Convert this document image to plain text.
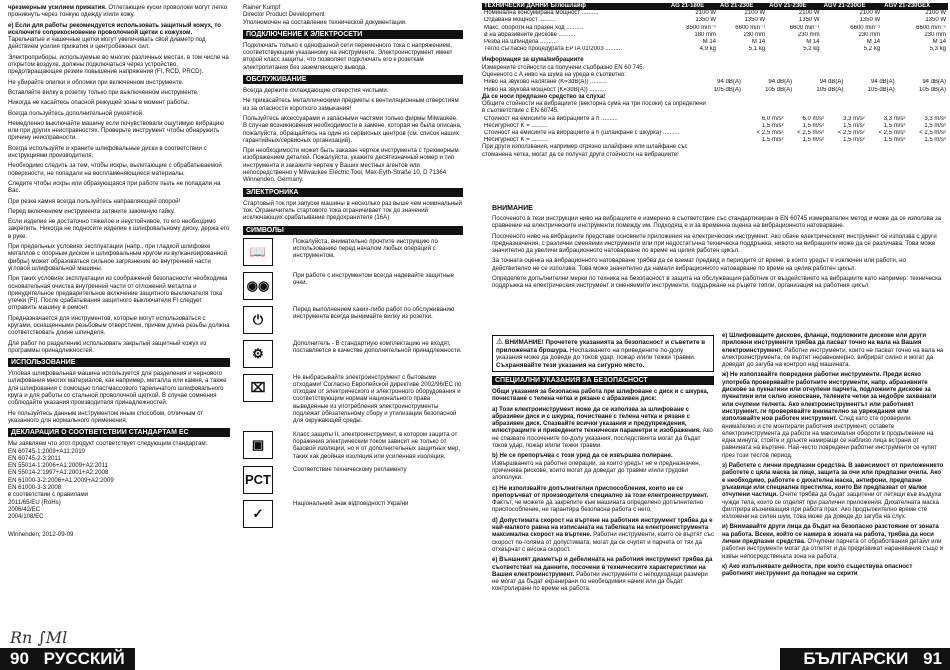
чрезмерным усилием прижатия. Отлетающие куски проволоки могут легко проникнуть через тонкую одежду и/или кожу.

e) Если для работы рекомендуется использовать защитный кожух, то исключите соприкосновение проволочной щетки с кожухом. Тарельчатые и чашечные щетки могут увеличивать свой диаметр под действием усилия прижатия и центробежных сил.

Электроприборы, используемые во многих различных местах, в том числе на открытом воздухе, должны подключаться через устройство, предотвращающее резкие повышение напряжения (FI, RCD, PRCD).

Не убирайте опилки и обломки при включенном инструменте.

Вставляйте вилку в розетку только при выключенном инструменте.

Никогда не касайтесь опасной режущей зоны в момент работы.

Всегда пользуйтесь дополнительной рукояткой.

Немедленно выключайте машину если почувствовали ощутимую вибрацию или при других неисправностях. Проверьте инструмент чтобы обнаружить причину неисправности.

Всегда используйте и храните шлифовальные диски в соответствии с инструкциями производителя.

Необходимо следить за тем, чтобы искры, вылетающие с обрабатываемой поверхности, не попадали на воспламеняющиеся материалы.

Следите чтобы искры или образующаяся при работе пыль не попадали на Вас.

При резке камня всегда пользуйтесь направляющей опорой!

Перед включением инструмента затяните зажимную гайку.

Если изделие не достаточно тяжелое и неустойчивое, то его необходимо закрепить. Никогда не подносите изделие к шлифовальному диску, держа его в руке.

При предельных условиях эксплуатации (напр., при гладкой шлифовке металлов с опорным диском и шлифовальным кругом из вулканизированной фибры) может образоваться сильное загрязнение во внутренней части угловой шлифовальной машины.

При таких условиях эксплуатации из соображений безопасности необходима основательная очистка внутренней части от отложений металла и принудительное предварительное включение защитного выключателя тока утечки (FI). После срабатывания защитного выключателя FI следует отправить машину в ремонт.

Предназначается для инструментов, которые могут использоваться с кругами, оснащенными резьбовым отверстием, причем длина резьбы должна соответствовать длине шпинделя.

Для работ по разделению использовать закрытый защитный кожух из программы принадлежностей.

ИСПОЛЬЗОВАНИЕ

Угловая шлифовальная машина используется для разделения и чернового шлифования многих материалов, как например, металла или камня, а также для шлифования с помощью пластмассового тарельчатого шлифовального круга и для работы со стальной проволочной щеткой. В случае сомнения соблюдайте указания производителя принадлежностей.

Не пользуйтесь данным инструментом иным способом, отличным от указанного для нормального применения.

ДЕКЛАРАЦИЯ О СООТВЕТСТВИИ СТАНДАРТАМ ЕС

Мы заявляем что этот продукт соответствует следующим стандартам:
EN 60745-1:2009+A11:2010
EN 60745-2-3:2011
EN 55014-1:2006+A1:2009+A2:2011
EN 55014-2:1997+A1:2001+A2:2008
EN 61000-3-2:2006+A1:2009+A2:2009
EN 61000-3-3:2008
в соответствии с правилами
2011/65/EU (RoHs)
2006/42/EC
2004/108/EC

Winnenden, 2012-09-09

Rainer Kumpf
Director Product Development
Уполномочен на составление технической документации.

ПОДКЛЮЧЕНИЕ К ЭЛЕКТРОСЕТИ

Подключать только к однофазной сети переменного тока с напряжением, соответствующим указанному на инструменте. Электроинструмент имеет второй класс защиты, что позволяет подключать его к розеткам электропитания без заземляющего вывода.

ОБСЛУЖИВАНИЕ

Всегда держите охлаждающие отверстия чистыми.

Не прикасайтесь металлическими предметы к вентиляционным отверстиям из за опасности короткого замыкания!

Пользуйтесь аксессуарами и запасными частями только фирмы Milwaukee. В случае возникновения необходимости в замене, которая не была описана, пожалуйста, обращайтесь на один из сервисных центров (см. список наших гарантийных/сервисных организаций).

При необходимости может быть заказан чертеж инструмента с трехмерным изображением деталей. Пожалуйста, укажите десятизначный номер и тип инструмента и закажите чертеж у Ваших местных агентов или непосредственно у Milwaukee Electric Tool, Max-Eyth-Straße 10, D 71364 Winnenden, Germany.

ЭЛЕКТРОНИКА

Стартовый ток при запуске машины в несколько раз выше чем номинальный ток. Ограничитель стартового тока ограничивает ток до значений исключающих срабатывание предохранителя (16А)

СИМВОЛЫ
📖
Пожалуйста, внимательно прочтите инструкцию по использованию перед началом любых операций с инструментом.
◉◉
При работе с инструментом всегда надевайте защитные очки.
⏻
Перед выполнением каких-либо работ по обслуживанию инструмента всегда вынимайте вилку из розетки.
⚙
Дополнитель - В стандартную комплектацию не входят, поставляется в качестве дополнительной принадлежности.
⌧
Не выбрасывайте электроинструмент с бытовыми отходами! Согласно Европейской директиве 2002/96/ЕС по отходам от электрического и электронного оборудования и соответствующим нормам национального права выведенные из употребления электроинструменты подлежат обязательному сбору и утилизации безопасной для окружающей среды.
▣
Класс защиты II, электроинструмент, в котором защита от поражения электрическим током зависит не только от базовой изоляции, но и от дополнительных защитных мер, таких как двойная изоляция или усиленная изоляция.
PCT
Соответствие техническому регламенту
✓
Національний знак відповідності України
Rn ∫Ml
90 РУССКИЙ
ТЕХНИЧЕСКИ ДАННИ Ъглошлайф	AG 21-180E	AG 21-230E	AGV 21-230E	AGV 21-230GE	AGV 21-230GEX
Номинална консумирана мощност ..........	2100 W	2100 W	2100 W	2100 W	2100 W
Отдавана мощност ..........	1350 W	1350 W	1350 W	1350 W	1350 W
Макс. обороти на празен ход ..........	8500 min⁻¹	6600 min⁻¹	6600 min⁻¹	6600 min⁻¹	6600 min⁻¹
ø на абразивните дискове ..........	180 mm	230 mm	230 mm	230 mm	230 mm
Резба на шпиндела ..........	M 14	M 14	M 14	M 14	M 14
Тегло съгласно процедурата EPTA 01/2003 ..........	4,9 kg	5,1 kg	5,2 kg	5,2 kg	5,3 kg
Информация за шума/вибрациите
Измерените стойности са получени съобразно EN 60 745.
Оцененото с А ниво на шума на уреда е съответно:
Ниво на звуково налягане (K=3dB(A)) ..........	94 dB(A)	94 dB(A)	94 dB(A)	94 dB(A)	94 dB(A)
Ниво на звукова мощност (K=3dB(A)) ..........	105 dB(A)	105 dB(A)	105 dB(A)	105 dB(A)	105 dB(A)
Да се носи предпазно средство за слуха!
Общите стойности на вибрациите (векторна сума на три посоки) са определени в съответствие с EN 60745.
Стойност на емисиите на вибрациите a h ..........	6,0 m/s²	6,0 m/s²	3,3 m/s²	3,3 m/s²	3,3 m/s²
Несигурност K = ..........	1,5 m/s²	1,5 m/s²	1,5 m/s²	1,5 m/s²	1,5 m/s²
Стойност на емисиите на вибрациите a h (шлайфане с шкурка) ..........	< 2,5 m/s²	< 2,5 m/s²	< 2,5 m/s²	< 2,5 m/s²	< 2,5 m/s²
Несигурност K = ..........	1,5 m/s²	1,5 m/s²	1,5 m/s²	1,5 m/s²	1,5 m/s²
При други използвания, например отрязно шлайфане или шлайфане със стоманена четка, могат да се получат други стойности на вибрациите!
ВНИМАНИЕ

Посоченото в тези инструкции ниво на вибрациите е измерено в съответствие със стандартизиран в EN 60745 измервателен метод и може да се използва за сравнение на електрическите инструменти помежду им. Подходящ е и за временна оценка на вибрационното натоварване.

Посоченото ниво на вибрациите представя основните приложения на електрическия инструмент. Ако обаче електрическият инструмент се използва с други предназначения, с различни сменяеми инструменти или при недостатъчна техническа поддръжка, нивото на вибрациите може да се различава. Това може значително да увеличи вибрационното натоварване по време на целия работен цикъл.

За точната оценка на вибрационното натоварване трябва да се вземат предвид и периодите от време, в които уредът е изключен или работи, но действително не се използва. Това може значително да намали вибрационното натоварване по време на целия работен цикъл.

Определете допълнителни мерки по техника на безопасност в защита на обслужващия работник от въздействието на вибрациите като например: техническа поддръжка на електрическия инструмент и сменяемите инструменти, поддържане на ръцете топли, организация на работния цикъл.

⚠ ВНИМАНИЕ! Прочетете указанията за безопасност и съветите в приложената брошура. Неспазването на приведените по-долу указания може да доведе до токов удар, пожар и/или тежки травми. Съхранявайте тези указания на сигурно място.
СПЕЦИАЛНИ УКАЗАНИЯ ЗА БЕЗОПАСНОСТ

Общи указания за безопасна работа при шлифоване с диск и с шкурка, почистване с телена четка и рязане с абразивен диск:

a) Този електроинструмент може да се използва за шлифоване с абразивен диск и с шкурка, почистване с телена четка и рязане с абразивен диск. Спазвайте всички указания и предупреждения, илюстрациите и приведените технически параметри и изображения. Ако не спазвате посочените по-долу указания, последствията могат да бъдат токов удар, пожар и/или тежки травми.

b) Не се препоръчва с този уред да се извършва полиране. Извършването на работни операции, за които уредът не е предназначен, причинява рисковe, които могат да доведат до травми и/или трудови злополуки.

c) Не използвайте допълнителни приспособления, които не се препоръчват от производителя специално за този електроинструмент. Фактът, че можете да закрепите към машината определено допълнително приспособление, не гарантира безопасна работа с него.

d) Допустимата скорост на въртене на работния инструмент трябва да е най-малкото равна на изписаната на табелката на електроинструмента максимална скорост на въртене. Работни инструменти, които се въртят със скорост по-голяма от допустимата, могат да се счупят и парчета от тях да отхвърчат с висока скорост.

e) Външният диаметър и дебелината на работния инструмент трябва да съответстват на данните, посочени в техническите характеристики на Вашия електроинструмент. Работни инструменти с неподходящи размери не могат да бъдат екранирани по необходимия начин или да бъдат контролирани по време на работа.

e) Шлифоващите дискове, фланци, подложните дискове или други приложни инструменти трябва да пасват точно на вала на Вашия електроинструмент. Работни инструменти, които не пасват точно на вала на електроинструмента, се въртят неравномерно, вибрират силно и могат да доведат до загуба на контрол над машината.

ж) Не използвайте повредени работни инструменти. Преди всяко употреба проверявайте работните инструменти, напр. абразивните дискове за пукнатини или отчупени парчета, подложните дискове за пукнатини или силно износване, телените четки за недобре захванати или счупени телчета. Ако електроинструментът или работният инструмент, ги проверявайте внимателно за увреждания или използвайте нов работен инструмент. След като сте проверили внимателно и сте монтирали работния инструмент, оставете електроинструмента да работи на максимални обороти в продължение на една минута; стойте и дръжте намиращи се наблизо лица встрани от равнината на въртене. Най-често повредени работни инструменти се чупят през този тестов период.

з) Работете с лични предпазни средства. В зависимост от приложението работете с цяла маска за лице, защита за очи или предпазни очила. Ако е необходимо, работете с дихателна маска, антифони, предпазни ръкавици или специална престилка, които Ви предпазват от малки отчупени частици. Очите трябва да бъдат защитени от летящи във въздуха чужди тела, които се отделят при различни приложения. Дихателната маска филтрира възникващия при работа прах. Ако продължително време сте изложени на силен шум, това може да доведе до загуба на слух.

и) Внимавайте други лица да бъдат на безопасно разстояние от зоната на работа. Всеки, който се намира в зоната на работа, трябва да носи лични предпазни средства. Отчупени парчета от обработвания детайл или работни инструменти могат да отлетят и да предизвикат наранявания също и извън непосредствената зона на работа.

к) Ако изпълнявате дейности, при които съществува опасност работният инструмент да попадне на скрити

БЪЛГАРСКИ 91
